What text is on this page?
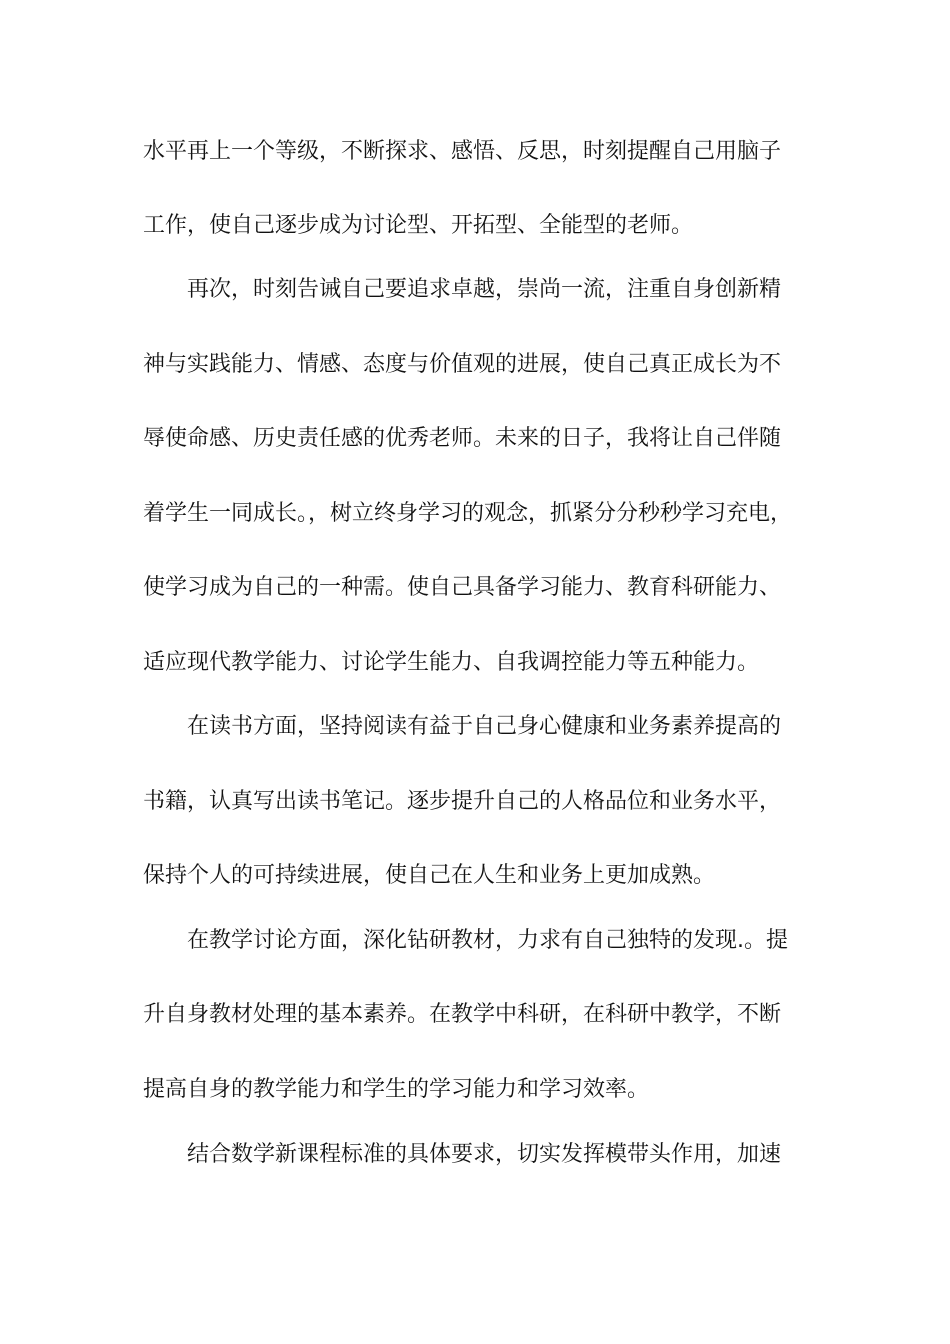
水平再上一个等级，不断探求、感悟、反思，时刻提醒自己用脑子
工作，使自己逐步成为讨论型、开拓型、全能型的老师。
再次，时刻告诫自己要追求卓越，崇尚一流，注重自身创新精
神与实践能力、情感、态度与价值观的进展，使自己真正成长为不
辱使命感、历史责任感的优秀老师。未来的日子，我将让自己伴随
着学生一同成长。，树立终身学习的观念，抓紧分分秒秒学习充电，
使学习成为自己的一种需。使自己具备学习能力、教育科研能力、
适应现代教学能力、讨论学生能力、自我调控能力等五种能力。
在读书方面，坚持阅读有益于自己身心健康和业务素养提高的
书籍，认真写出读书笔记。逐步提升自己的人格品位和业务水平，
保持个人的可持续进展，使自己在人生和业务上更加成熟。
在教学讨论方面，深化钻研教材，力求有自己独特的发现.。提
升自身教材处理的基本素养。在教学中科研，在科研中教学，不断
提高自身的教学能力和学生的学习能力和学习效率。
结合数学新课程标准的具体要求，切实发挥模带头作用，加速
